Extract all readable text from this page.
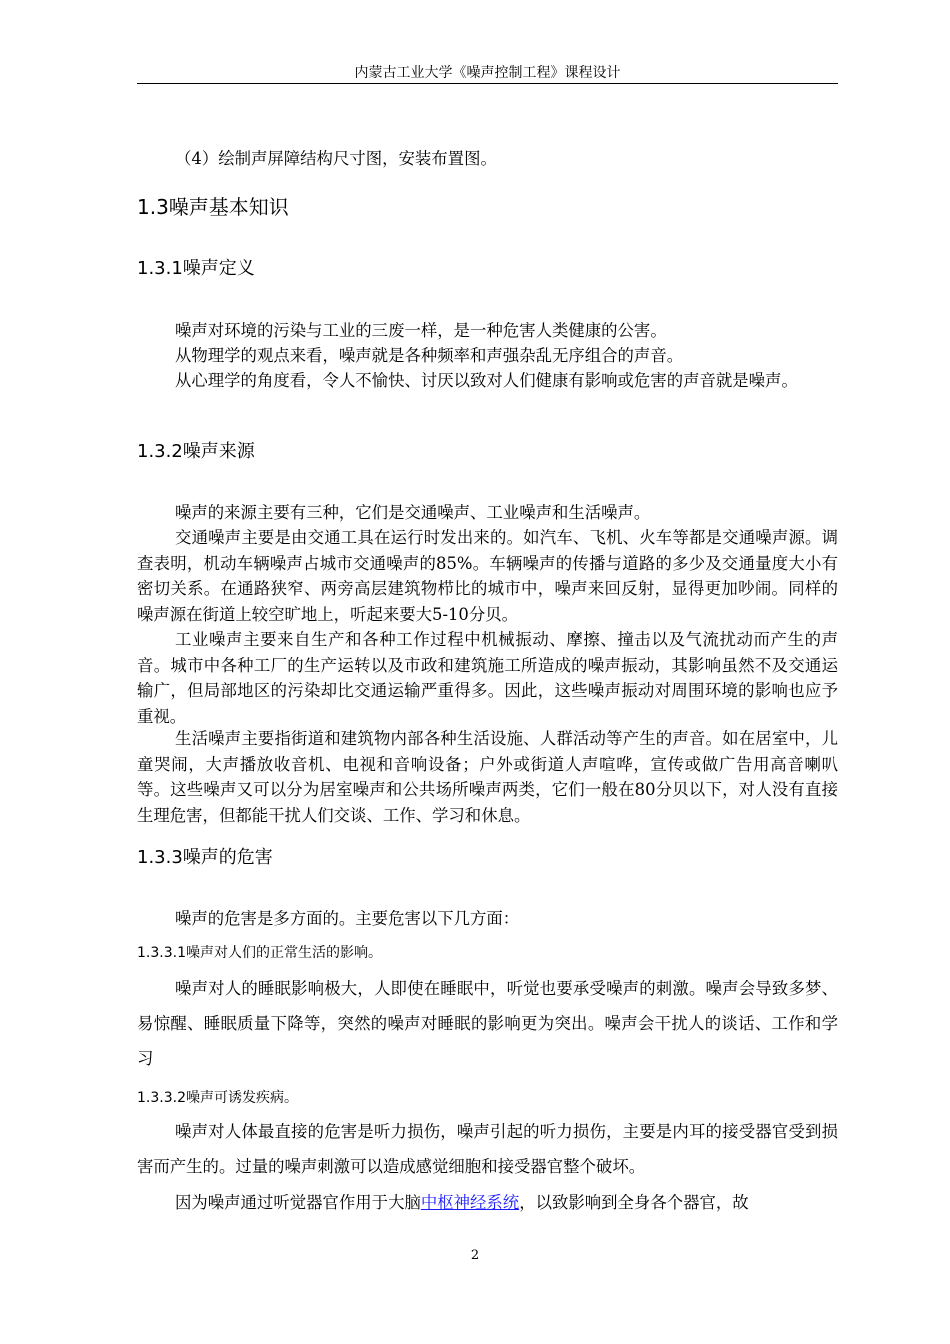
内蒙古工业大学《噪声控制工程》课程设计

（4）绘制声屏障结构尺寸图，安装布置图。

1.3噪声基本知识
1.3.1噪声定义

噪声对环境的污染与工业的三废一样，是一种危害人类健康的公害。

从物理学的观点来看，噪声就是各种频率和声强杂乱无序组合的声音。

从心理学的角度看，令人不愉快、讨厌以致对人们健康有影响或危害的声音就是噪声。

1.3.2噪声来源

噪声的来源主要有三种，它们是交通噪声、工业噪声和生活噪声。

交通噪声主要是由交通工具在运行时发出来的。如汽车、飞机、火车等都是交通噪声源。调查表明，机动车辆噪声占城市交通噪声的85%。车辆噪声的传播与道路的多少及交通量度大小有密切关系。在通路狭窄、两旁高层建筑物栉比的城市中，噪声来回反射，显得更加吵闹。同样的噪声源在街道上较空旷地上，听起来要大5-10分贝。

工业噪声主要来自生产和各种工作过程中机械振动、摩擦、撞击以及气流扰动而产生的声音。城市中各种工厂的生产运转以及市政和建筑施工所造成的噪声振动，其影响虽然不及交通运输广，但局部地区的污染却比交通运输严重得多。因此，这些噪声振动对周围环境的影响也应予重视。

生活噪声主要指街道和建筑物内部各种生活设施、人群活动等产生的声音。如在居室中，儿童哭闹，大声播放收音机、电视和音响设备；户外或街道人声喧哗，宣传或做广告用高音喇叭等。这些噪声又可以分为居室噪声和公共场所噪声两类，它们一般在80分贝以下，对人没有直接生理危害，但都能干扰人们交谈、工作、学习和休息。

1.3.3噪声的危害

噪声的危害是多方面的。主要危害以下几方面：

1.3.3.1噪声对人们的正常生活的影响。

噪声对人的睡眠影响极大，人即使在睡眠中，听觉也要承受噪声的刺激。噪声会导致多梦、易惊醒、睡眠质量下降等，突然的噪声对睡眠的影响更为突出。噪声会干扰人的谈话、工作和学习

1.3.3.2噪声可诱发疾病。

噪声对人体最直接的危害是听力损伤，噪声引起的听力损伤，主要是内耳的接受器官受到损害而产生的。过量的噪声刺激可以造成感觉细胞和接受器官整个破坏。

因为噪声通过听觉器官作用于大脑中枢神经系统，以致影响到全身各个器官，故

2
